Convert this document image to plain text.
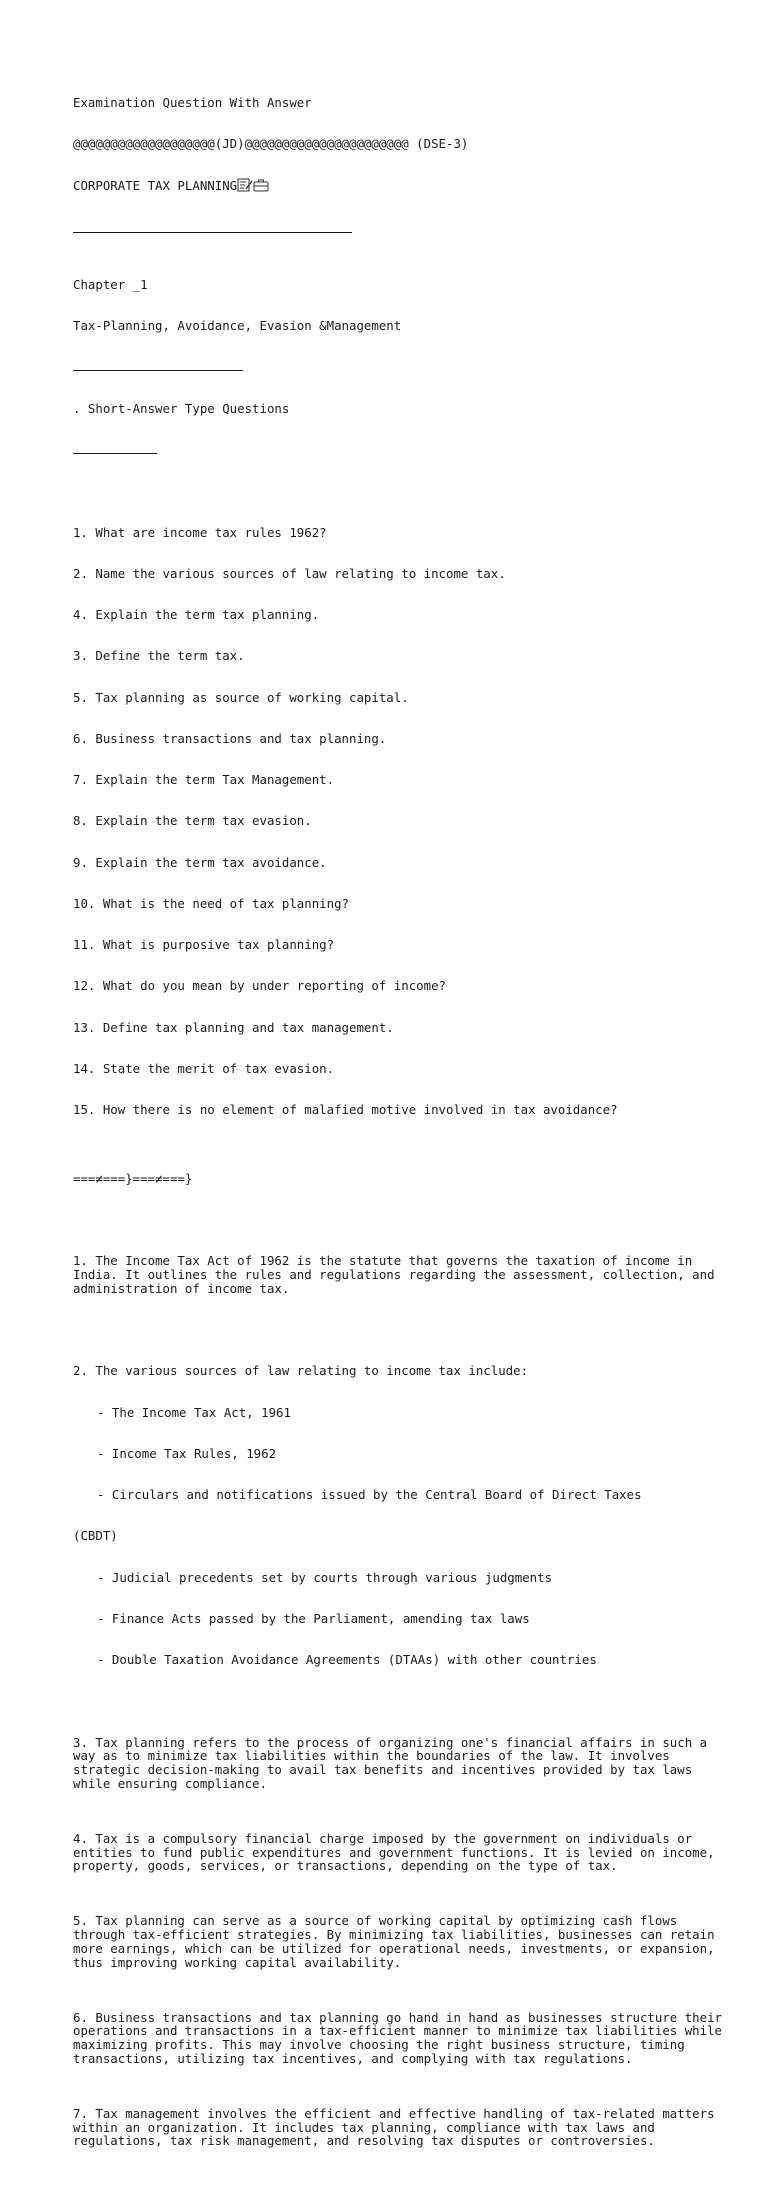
Examination Question With Answer

@@@@@@@@@@@@@@@@@@@(JD)@@@@@@@@@@@@@@@@@@@@@@ (DSE-3)

CORPORATE TAX PLANNING

Chapter _1

Tax-Planning, Avoidance, Evasion &Management

. Short-Answer Type Questions

1. What are income tax rules 1962?

2. Name the various sources of law relating to income tax.

4. Explain the term tax planning.

3. Define the term tax.

5. Tax planning as source of working capital.

6. Business transactions and tax planning.

7. Explain the term Tax Management.

8. Explain the term tax evasion.

9. Explain the term tax avoidance.

10. What is the need of tax planning?

11. What is purposive tax planning?

12. What do you mean by under reporting of income?

13. Define tax planning and tax management.

14. State the merit of tax evasion.

15. How there is no element of malafied motive involved in tax avoidance?

===≠===}===≠===}

1. The Income Tax Act of 1962 is the statute that governs the taxation of income in India. It outlines the rules and regulations regarding the assessment, collection, and administration of income tax.

2. The various sources of law relating to income tax include:

- The Income Tax Act, 1961

- Income Tax Rules, 1962

- Circulars and notifications issued by the Central Board of Direct Taxes

(CBDT)

- Judicial precedents set by courts through various judgments

- Finance Acts passed by the Parliament, amending tax laws

- Double Taxation Avoidance Agreements (DTAAs) with other countries

3. Tax planning refers to the process of organizing one's financial affairs in such a way as to minimize tax liabilities within the boundaries of the law. It involves strategic decision-making to avail tax benefits and incentives provided by tax laws while ensuring compliance.

4. Tax is a compulsory financial charge imposed by the government on individuals or entities to fund public expenditures and government functions. It is levied on income, property, goods, services, or transactions, depending on the type of tax.

5. Tax planning can serve as a source of working capital by optimizing cash flows through tax-efficient strategies. By minimizing tax liabilities, businesses can retain more earnings, which can be utilized for operational needs, investments, or expansion, thus improving working capital availability.

6. Business transactions and tax planning go hand in hand as businesses structure their operations and transactions in a tax-efficient manner to minimize tax liabilities while maximizing profits. This may involve choosing the right business structure, timing transactions, utilizing tax incentives, and complying with tax regulations.

7. Tax management involves the efficient and effective handling of tax-related matters within an organization. It includes tax planning, compliance with tax laws and regulations, tax risk management, and resolving tax disputes or controversies.
